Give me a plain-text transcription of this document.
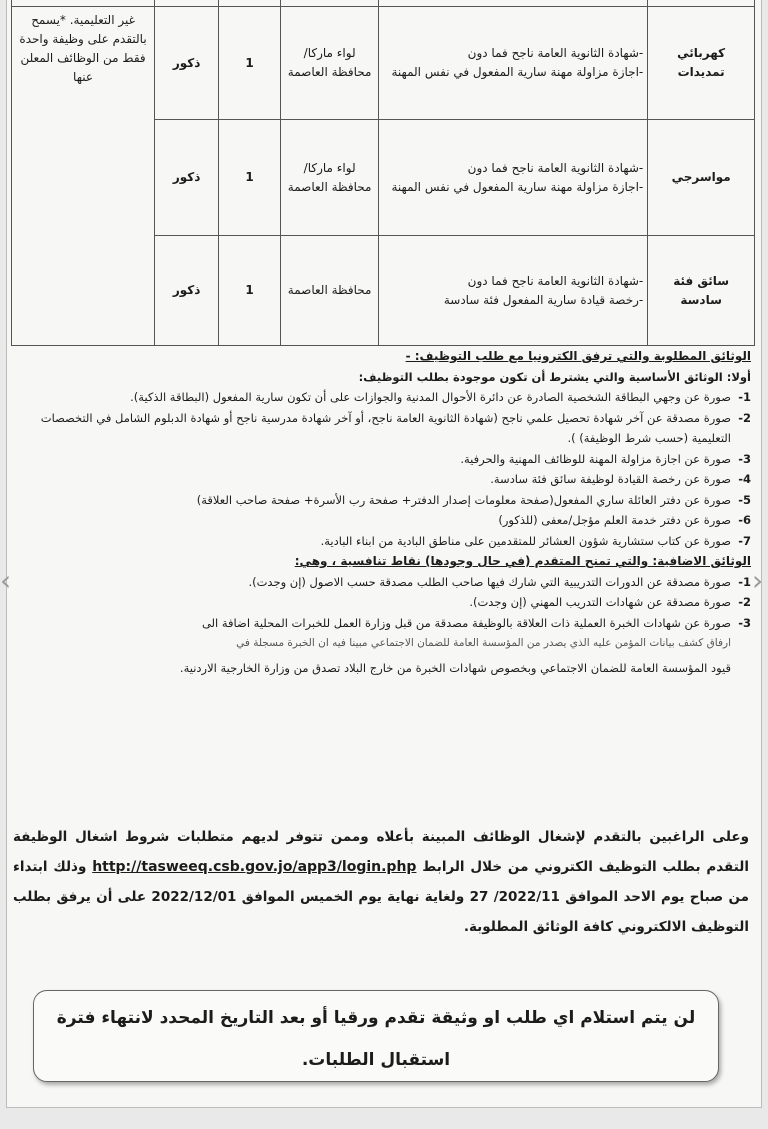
كهربائي تمديدات	-شهادة الثانوية العامة ناجح فما دون
-اجازة مزاولة مهنة سارية المفعول في نفس المهنة	لواء ماركا/ محافظة العاصمة	1	ذكور	غير التعليمية. *يسمح بالتقدم على وظيفة واحدة فقط من الوظائف المعلن عنها
مواسرجي	-شهادة الثانوية العامة ناجح فما دون
-اجازة مزاولة مهنة سارية المفعول في نفس المهنة	لواء ماركا/ محافظة العاصمة	1	ذكور	
سائق فئة سادسة	-شهادة الثانوية العامة ناجح فما دون
-رخصة قيادة سارية المفعول فئة سادسة	محافظة العاصمة	1	ذكور	
الوثائق المطلوبة والتي ترفق الكترونيا مع طلب التوظيف: -
أولا: الوثائق الأساسية والتي يشترط أن تكون موجودة بطلب التوظيف:
1-
صورة عن وجهي البطاقة الشخصية الصادرة عن دائرة الأحوال المدنية والجوازات على أن تكون سارية المفعول (البطاقة الذكية).
2-
صورة مصدقة عن آخر شهادة تحصيل علمي ناجح (شهادة الثانوية العامة ناجح، أو آخر شهادة مدرسية ناجح أو شهادة الدبلوم الشامل في التخصصات التعليمية (حسب شرط الوظيفة) ).
3-
صورة عن اجازة مزاولة المهنة للوظائف المهنية والحرفية.
4-
صورة عن رخصة القيادة لوظيفة سائق فئة سادسة.
5-
صورة عن دفتر العائلة ساري المفعول(صفحة معلومات إصدار الدفتر+ صفحة رب الأسرة+ صفحة صاحب العلاقة)
6-
صورة عن دفتر خدمة العلم مؤجل/معفى (للذكور)
7-
صورة عن كتاب ستشارية شؤون العشائر للمتقدمين على مناطق البادية من ابناء البادية.
الوثائق الاضافية: والتي تمنح المتقدم (في حال وجودها) نقاط تنافسية ، وهي:
1-
صورة مصدقة عن الدورات التدريبية التي شارك فيها صاحب الطلب مصدقة حسب الاصول (إن وجدت).
2-
صورة مصدقة عن شهادات التدريب المهني (إن وجدت).
3-
صورة عن شهادات الخبرة العملية ذات العلاقة بالوظيفة مصدقة من قبل وزارة العمل للخبرات المحلية اضافة الى
ارفاق كشف بيانات المؤمن عليه الذي يصدر من المؤسسة العامة للضمان الاجتماعي مبينا فيه ان الخبرة مسجلة في
قيود المؤسسة العامة للضمان الاجتماعي وبخصوص شهادات الخبرة من خارج البلاد تصدق من وزارة الخارجية الاردنية.
وعلى الراغبين بالتقدم لإشغال الوظائف المبينة بأعلاه وممن تتوفر لديهم متطلبات شروط اشغال الوظيفة التقدم بطلب التوظيف الكتروني من خلال الرابط http://tasweeq.csb.gov.jo/app3/login.php وذلك ابتداء من صباح يوم الاحد الموافق 2022/11/ 27 ولغاية نهاية يوم الخميس الموافق 2022/12/01 على أن يرفق بطلب التوظيف الالكتروني كافة الوثائق المطلوبة.
لن يتم استلام اي طلب او وثيقة تقدم ورقيا أو بعد التاريخ المحدد لانتهاء فترة استقبال الطلبات.
‹	›
